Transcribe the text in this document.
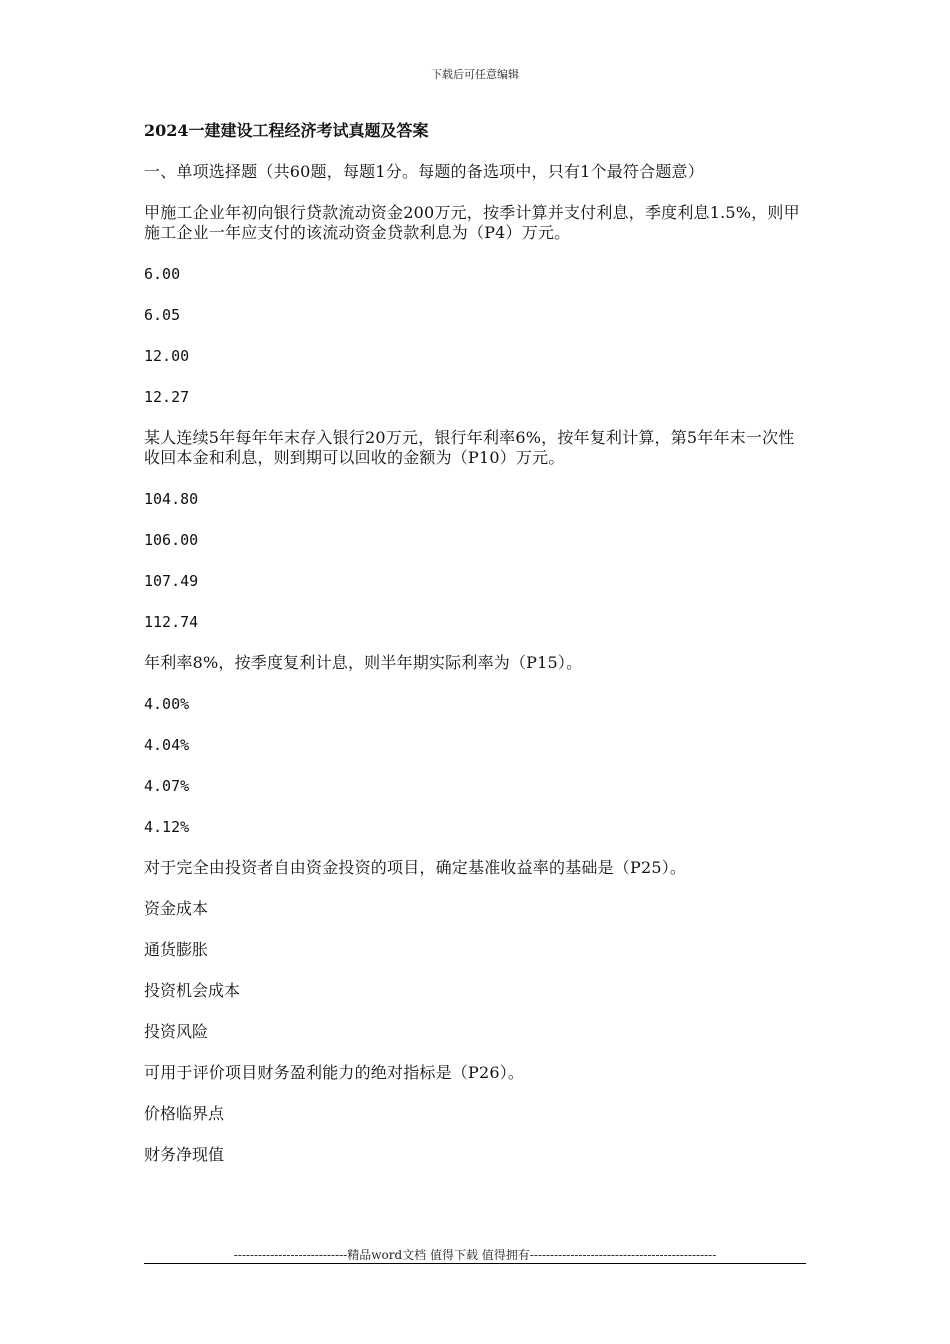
下载后可任意编辑
2024一建建设工程经济考试真题及答案
一、单项选择题（共60题，每题1分。每题的备选项中，只有1个最符合题意）
甲施工企业年初向银行贷款流动资金200万元，按季计算并支付利息，季度利息1.5%，则甲施工企业一年应支付的该流动资金贷款利息为（P4）万元。
6.00
6.05
12.00
12.27
某人连续5年每年年末存入银行20万元，银行年利率6%，按年复利计算，第5年年末一次性收回本金和利息，则到期可以回收的金额为（P10）万元。
104.80
106.00
107.49
112.74
年利率8%，按季度复利计息，则半年期实际利率为（P15）。
4.00%
4.04%
4.07%
4.12%
对于完全由投资者自由资金投资的项目，确定基准收益率的基础是（P25）。
资金成本
通货膨胀
投资机会成本
投资风险
可用于评价项目财务盈利能力的绝对指标是（P26）。
价格临界点
财务净现值
----------------------------精品word文档 值得下载 值得拥有----------------------------------------------
